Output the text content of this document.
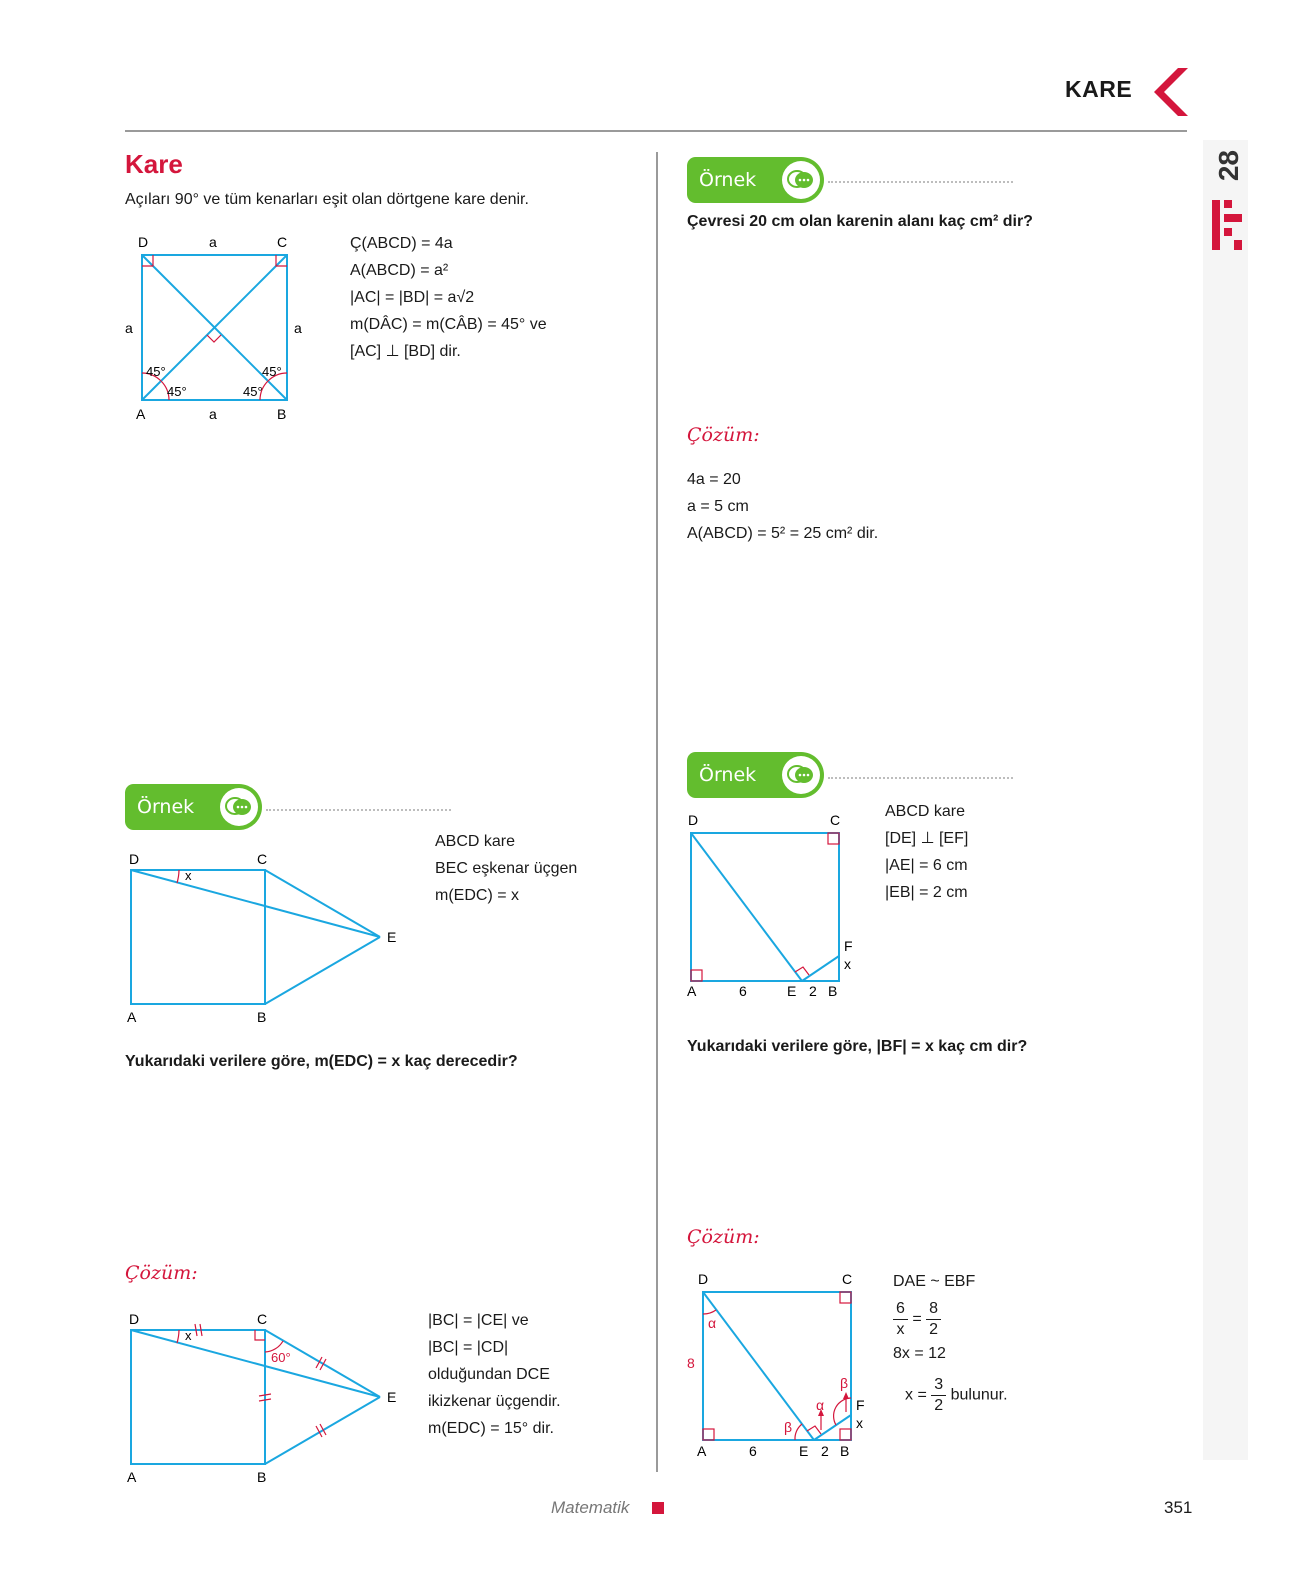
KARE
28
Kare
Açıları 90° ve tüm kenarları eşit olan dörtgene kare denir.
D	C
A	B
a
a
a	a
45°
45°
45°
45°
Ç(ABCD) = 4a
A(ABCD) = a²
|AC| = |BD| = a√2
m(DÂC) = m(CÂB) = 45° ve
[AC] ⊥ [BD] dir.
Örnek
D	C
A	B
E
x
ABCD kare
BEC eşkenar üçgen
m(EDC) = x
Yukarıdaki verilere göre, m(EDC) = x kaç derecedir?
Çözüm:
D	C
A	B
E
x
60°
|BC| = |CE| ve
|BC| = |CD|
olduğundan DCE
ikizkenar üçgendir.
m(EDC) = 15° dir.
Örnek
Çevresi 20 cm olan karenin alanı kaç cm² dir?
Çözüm:
4a = 20
a = 5 cm
A(ABCD) = 5² = 25 cm² dir.
Örnek
D	C
A	E B
F
x
6	2
ABCD kare
[DE] ⊥ [EF]
|AE| = 6 cm
|EB| = 2 cm
Yukarıdaki verilere göre, |BF| = x kaç cm dir?
Çözüm:
D	C
A	E B
F
x
6	2
8
α
β
α
β
DAE ~ EBF
$\frac{6}{x} = \frac{8}{2}$
8x = 12
$x = \frac{3}{2}$ bulunur.
Matematik	351
